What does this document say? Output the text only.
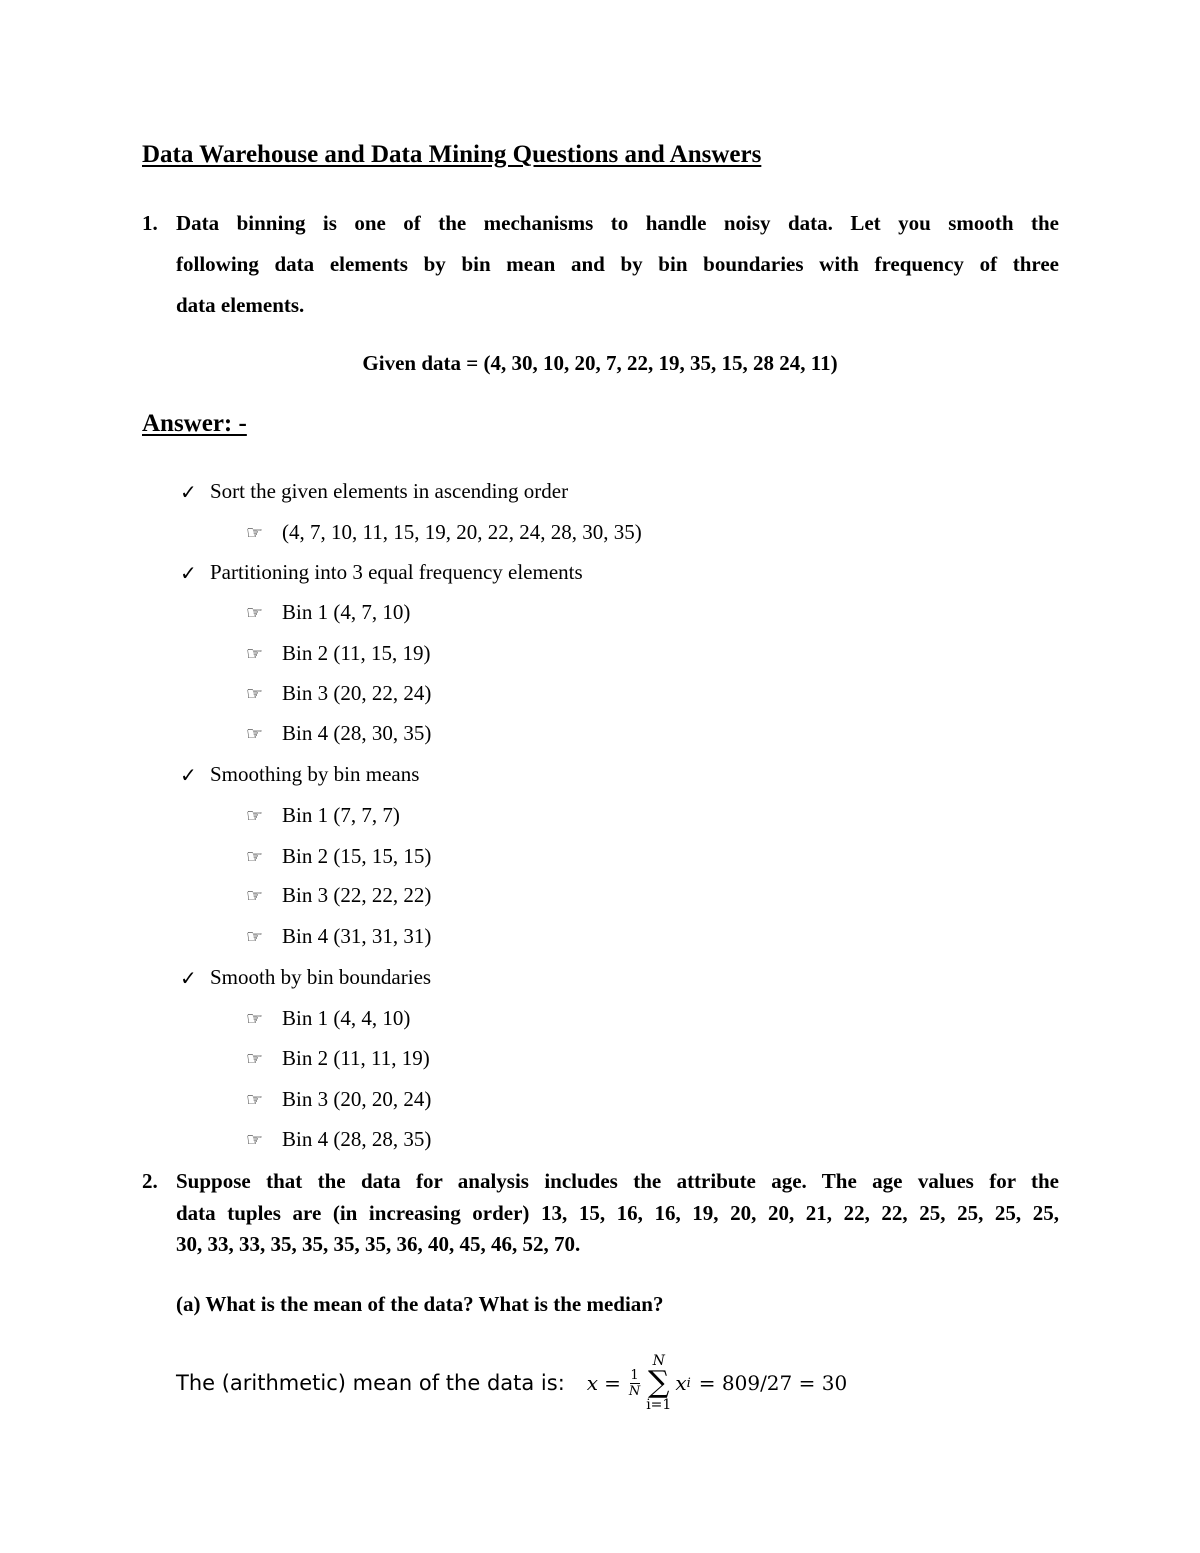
Data Warehouse and Data Mining Questions and Answers
1. Data binning is one of the mechanisms to handle noisy data. Let you smooth the
following data elements by bin mean and by bin boundaries with frequency of three
data elements.
Given data = (4, 30, 10, 20, 7, 22, 19, 35, 15, 28 24, 11)
Answer: -
✓ Sort the given elements in ascending order
☞ (4, 7, 10, 11, 15, 19, 20, 22, 24, 28, 30, 35)
✓ Partitioning into 3 equal frequency elements
☞ Bin 1 (4, 7, 10)
☞ Bin 2 (11, 15, 19)
☞ Bin 3 (20, 22, 24)
☞ Bin 4 (28, 30, 35)
✓ Smoothing by bin means
☞ Bin 1 (7, 7, 7)
☞ Bin 2 (15, 15, 15)
☞ Bin 3 (22, 22, 22)
☞ Bin 4 (31, 31, 31)
✓ Smooth by bin boundaries
☞ Bin 1 (4, 4, 10)
☞ Bin 2 (11, 11, 19)
☞ Bin 3 (20, 20, 24)
☞ Bin 4 (28, 28, 35)
2. Suppose that the data for analysis includes the attribute age. The age values for the
data tuples are (in increasing order) 13, 15, 16, 16, 19, 20, 20, 21, 22, 22, 25, 25, 25, 25,
30, 33, 33, 35, 35, 35, 35, 36, 40, 45, 46, 52, 70.
(a) What is the mean of the data? What is the median?
The (arithmetic) mean of the data is: $x = \frac{1}{N}$
N
∑
i=1
x i = 809/27 = 30
